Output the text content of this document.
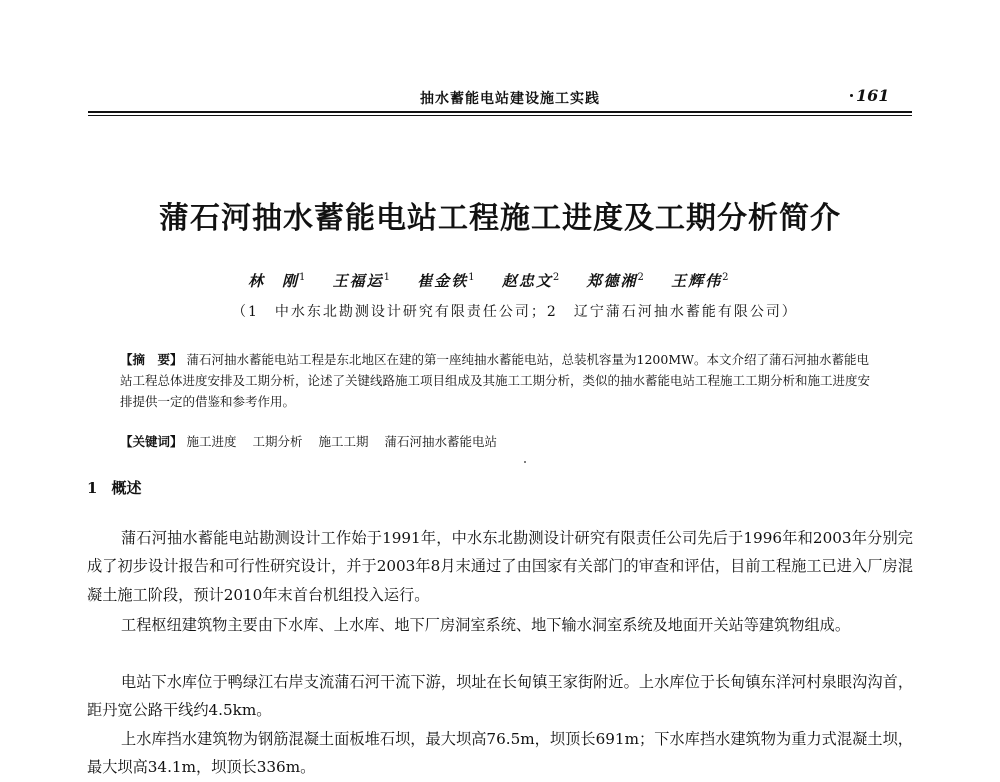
抽水蓄能电站建设施工实践	161
蒲石河抽水蓄能电站工程施工进度及工期分析简介
林　刚$^1$ 王福运$^1$ 崔金铁$^1$ 赵忠文$^2$ 郑德湘$^2$ 王辉伟$^2$
（1　中水东北勘测设计研究有限责任公司；2　辽宁蒲石河抽水蓄能有限公司）
【摘　要】 蒲石河抽水蓄能电站工程是东北地区在建的第一座纯抽水蓄能电站，总装机容量为1200MW。本文介绍了蒲石河抽水蓄能电站工程总体进度安排及工期分析，论述了关键线路施工项目组成及其施工工期分析，类似的抽水蓄能电站工程施工工期分析和施工进度安排提供一定的借鉴和参考作用。
【关键词】 施工进度 工期分析 施工工期 蒲石河抽水蓄能电站
1 概述

蒲石河抽水蓄能电站勘测设计工作始于1991年，中水东北勘测设计研究有限责任公司先后于1996年和2003年分别完成了初步设计报告和可行性研究设计，并于2003年8月末通过了由国家有关部门的审查和评估，目前工程施工已进入厂房混凝土施工阶段，预计2010年末首台机组投入运行。

工程枢纽建筑物主要由下水库、上水库、地下厂房洞室系统、地下输水洞室系统及地面开关站等建筑物组成。

电站下水库位于鸭绿江右岸支流蒲石河干流下游，坝址在长甸镇王家街附近。上水库位于长甸镇东洋河村泉眼沟沟首，距丹宽公路干线约4.5km。

上水库挡水建筑物为钢筋混凝土面板堆石坝，最大坝高76.5m，坝顶长691m；下水库挡水建筑物为重力式混凝土坝，最大坝高34.1m，坝顶长336m。
